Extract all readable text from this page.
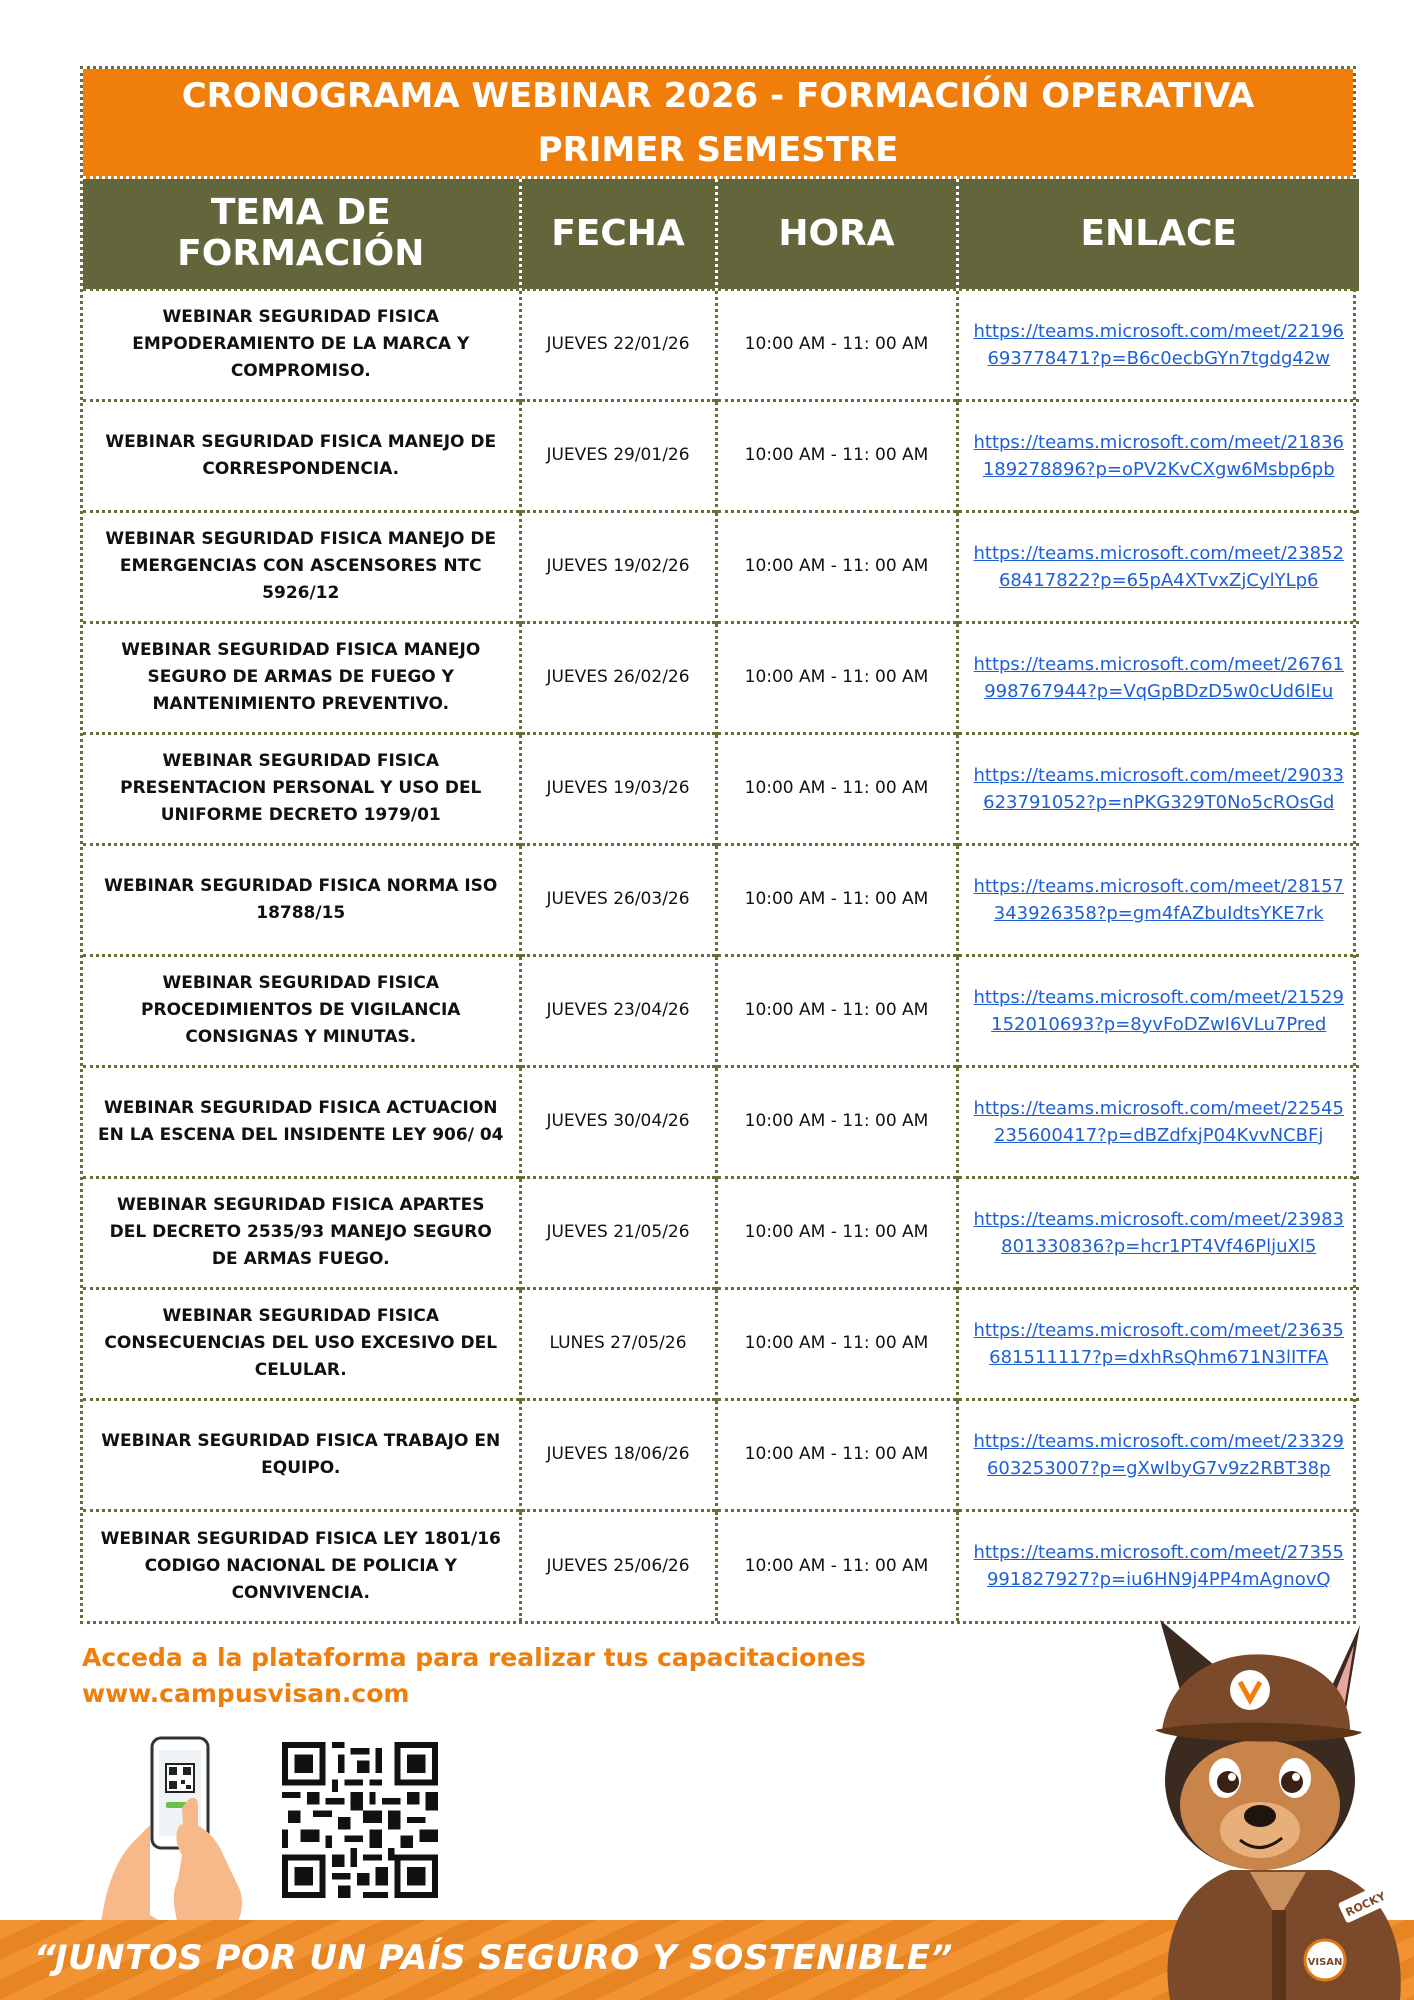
CRONOGRAMA WEBINAR 2026 - FORMACIÓN OPERATIVA PRIMER SEMESTRE
TEMA DE FORMACIÓN	FECHA	HORA	ENLACE
WEBINAR SEGURIDAD FISICA EMPODERAMIENTO DE LA MARCA Y COMPROMISO.	JUEVES 22/01/26	10:00 AM - 11: 00 AM	https://teams.microsoft.com/meet/22196693778471?p=B6c0ecbGYn7tgdg42w
WEBINAR SEGURIDAD FISICA MANEJO DE CORRESPONDENCIA.	JUEVES 29/01/26	10:00 AM - 11: 00 AM	https://teams.microsoft.com/meet/21836189278896?p=oPV2KvCXgw6Msbp6pb
WEBINAR SEGURIDAD FISICA MANEJO DE EMERGENCIAS CON ASCENSORES NTC 5926/12	JUEVES 19/02/26	10:00 AM - 11: 00 AM	https://teams.microsoft.com/meet/2385268417822?p=65pA4XTvxZjCylYLp6
WEBINAR SEGURIDAD FISICA MANEJO SEGURO DE ARMAS DE FUEGO Y MANTENIMIENTO PREVENTIVO.	JUEVES 26/02/26	10:00 AM - 11: 00 AM	https://teams.microsoft.com/meet/26761998767944?p=VqGpBDzD5w0cUd6lEu
WEBINAR SEGURIDAD FISICA PRESENTACION PERSONAL Y USO DEL UNIFORME DECRETO 1979/01	JUEVES 19/03/26	10:00 AM - 11: 00 AM	https://teams.microsoft.com/meet/29033623791052?p=nPKG329T0No5cROsGd
WEBINAR SEGURIDAD FISICA NORMA ISO 18788/15	JUEVES 26/03/26	10:00 AM - 11: 00 AM	https://teams.microsoft.com/meet/28157343926358?p=gm4fAZbuIdtsYKE7rk
WEBINAR SEGURIDAD FISICA PROCEDIMIENTOS DE VIGILANCIA CONSIGNAS Y MINUTAS.	JUEVES 23/04/26	10:00 AM - 11: 00 AM	https://teams.microsoft.com/meet/21529152010693?p=8yvFoDZwI6VLu7Pred
WEBINAR SEGURIDAD FISICA ACTUACION EN LA ESCENA DEL INSIDENTE LEY 906/ 04	JUEVES 30/04/26	10:00 AM - 11: 00 AM	https://teams.microsoft.com/meet/22545235600417?p=dBZdfxjP04KvvNCBFj
WEBINAR SEGURIDAD FISICA APARTES DEL DECRETO 2535/93 MANEJO SEGURO DE ARMAS FUEGO.	JUEVES 21/05/26	10:00 AM - 11: 00 AM	https://teams.microsoft.com/meet/23983801330836?p=hcr1PT4Vf46PljuXl5
WEBINAR SEGURIDAD FISICA CONSECUENCIAS DEL USO EXCESIVO DEL CELULAR.	LUNES 27/05/26	10:00 AM - 11: 00 AM	https://teams.microsoft.com/meet/23635681511117?p=dxhRsQhm671N3lITFA
WEBINAR SEGURIDAD FISICA TRABAJO EN EQUIPO.	JUEVES 18/06/26	10:00 AM - 11: 00 AM	https://teams.microsoft.com/meet/23329603253007?p=gXwIbyG7v9z2RBT38p
WEBINAR SEGURIDAD FISICA LEY 1801/16 CODIGO NACIONAL DE POLICIA Y CONVIVENCIA.	JUEVES 25/06/26	10:00 AM - 11: 00 AM	https://teams.microsoft.com/meet/27355991827927?p=iu6HN9j4PP4mAgnovQ
Acceda a la plataforma para realizar tus capacitaciones
www.campusvisan.com
“JUNTOS POR UN PAÍS SEGURO Y SOSTENIBLE”	VISAN
ROCKY
